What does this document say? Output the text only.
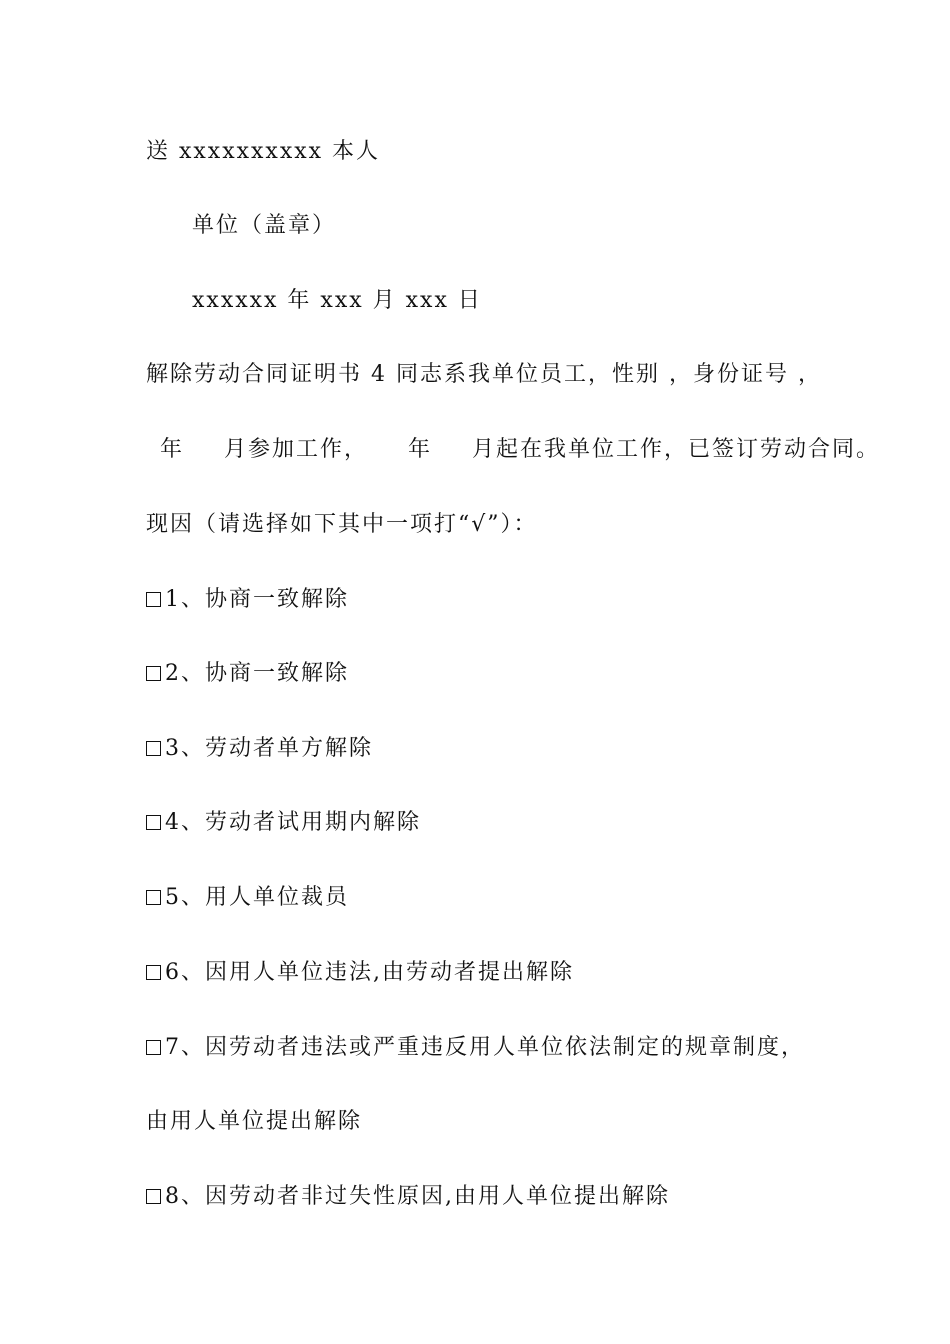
送 xxxxxxxxxx 本人
单位（盖章）
xxxxxx 年 xxx 月 xxx 日
解除劳动合同证明书 4 同志系我单位员工，性别 ，身份证号 ，
年 月参加工作， 年 月起在我单位工作，已签订劳动合同。
现因（请选择如下其中一项打“√”）：
1、协商一致解除
2、协商一致解除
3、劳动者单方解除
4、劳动者试用期内解除
5、用人单位裁员
6、因用人单位违法,由劳动者提出解除
7、因劳动者违法或严重违反用人单位依法制定的规章制度，
由用人单位提出解除
8、因劳动者非过失性原因,由用人单位提出解除
